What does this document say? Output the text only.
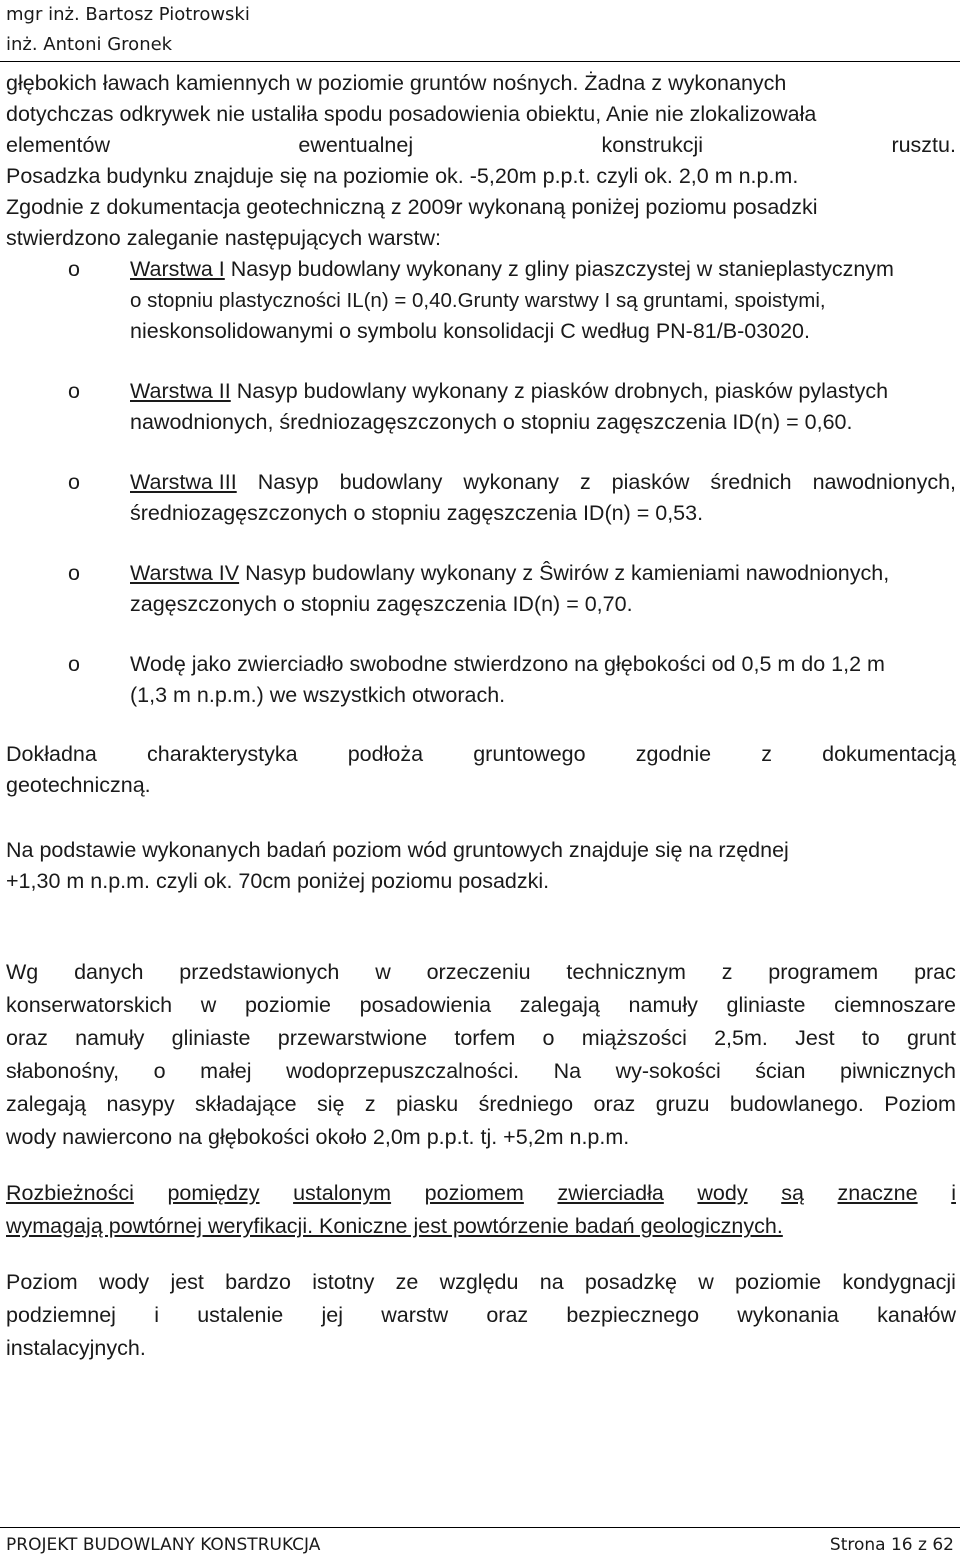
mgr inż. Bartosz Piotrowski
inż. Antoni Gronek
głębokich ławach kamiennych w poziomie gruntów nośnych. Żadna z wykonanych
dotychczas odkrywek nie ustaliła spodu posadowienia obiektu, Anie nie zlokalizowała
elementów	ewentualnej	konstrukcji	rusztu.
Posadzka budynku znajduje się na poziomie ok. -5,20m p.p.t. czyli ok. 2,0 m n.p.m.
Zgodnie z dokumentacja geotechniczną z 2009r wykonaną poniżej poziomu posadzki
stwierdzono zaleganie następujących warstw:
o Warstwa I Nasyp budowlany wykonany z gliny piaszczystej w stanieplastycznym
o stopniu plastyczności IL(n) = 0,40.Grunty warstwy I są gruntami, spoistymi,
nieskonsolidowanymi o symbolu konsolidacji C według PN-81/B-03020.
o Warstwa II Nasyp budowlany wykonany z piasków drobnych, piasków pylastych
nawodnionych, średniozagęszczonych o stopniu zagęszczenia ID(n) = 0,60.
o Warstwa III Nasyp budowlany wykonany z piasków średnich nawodnionych,
średniozagęszczonych o stopniu zagęszczenia ID(n) = 0,53.
o Warstwa IV Nasyp budowlany wykonany z Ŝwirów z kamieniami nawodnionych,
zagęszczonych o stopniu zagęszczenia ID(n) = 0,70.
o Wodę jako zwierciadło swobodne stwierdzono na głębokości od 0,5 m do 1,2 m
(1,3 m n.p.m.) we wszystkich otworach.
Dokładna charakterystyka podłoża gruntowego zgodnie z dokumentacją
geotechniczną.
Na podstawie wykonanych badań poziom wód gruntowych znajduje się na rzędnej
+1,30 m n.p.m. czyli ok. 70cm poniżej poziomu posadzki.
Wg danych przedstawionych w orzeczeniu technicznym z programem prac
konserwatorskich w poziomie posadowienia zalegają namuły gliniaste ciemnoszare
oraz namuły gliniaste przewarstwione torfem o miąższości 2,5m. Jest to grunt
słabonośny, o małej wodoprzepuszczalności. Na wy-sokości ścian piwnicznych
zalegają nasypy składające się z piasku średniego oraz gruzu budowlanego. Poziom
wody nawiercono na głębokości około 2,0m p.p.t. tj. +5,2m n.p.m.
Rozbieżności pomiędzy ustalonym poziomem zwierciadła wody są znaczne i
wymagają powtórnej weryfikacji. Koniczne jest powtórzenie badań geologicznych.
Poziom wody jest bardzo istotny ze względu na posadzkę w poziomie kondygnacji
podziemnej i ustalenie jej warstw oraz bezpiecznego wykonania kanałów
instalacyjnych.
PROJEKT BUDOWLANY KONSTRUKCJA	Strona 16 z 62
